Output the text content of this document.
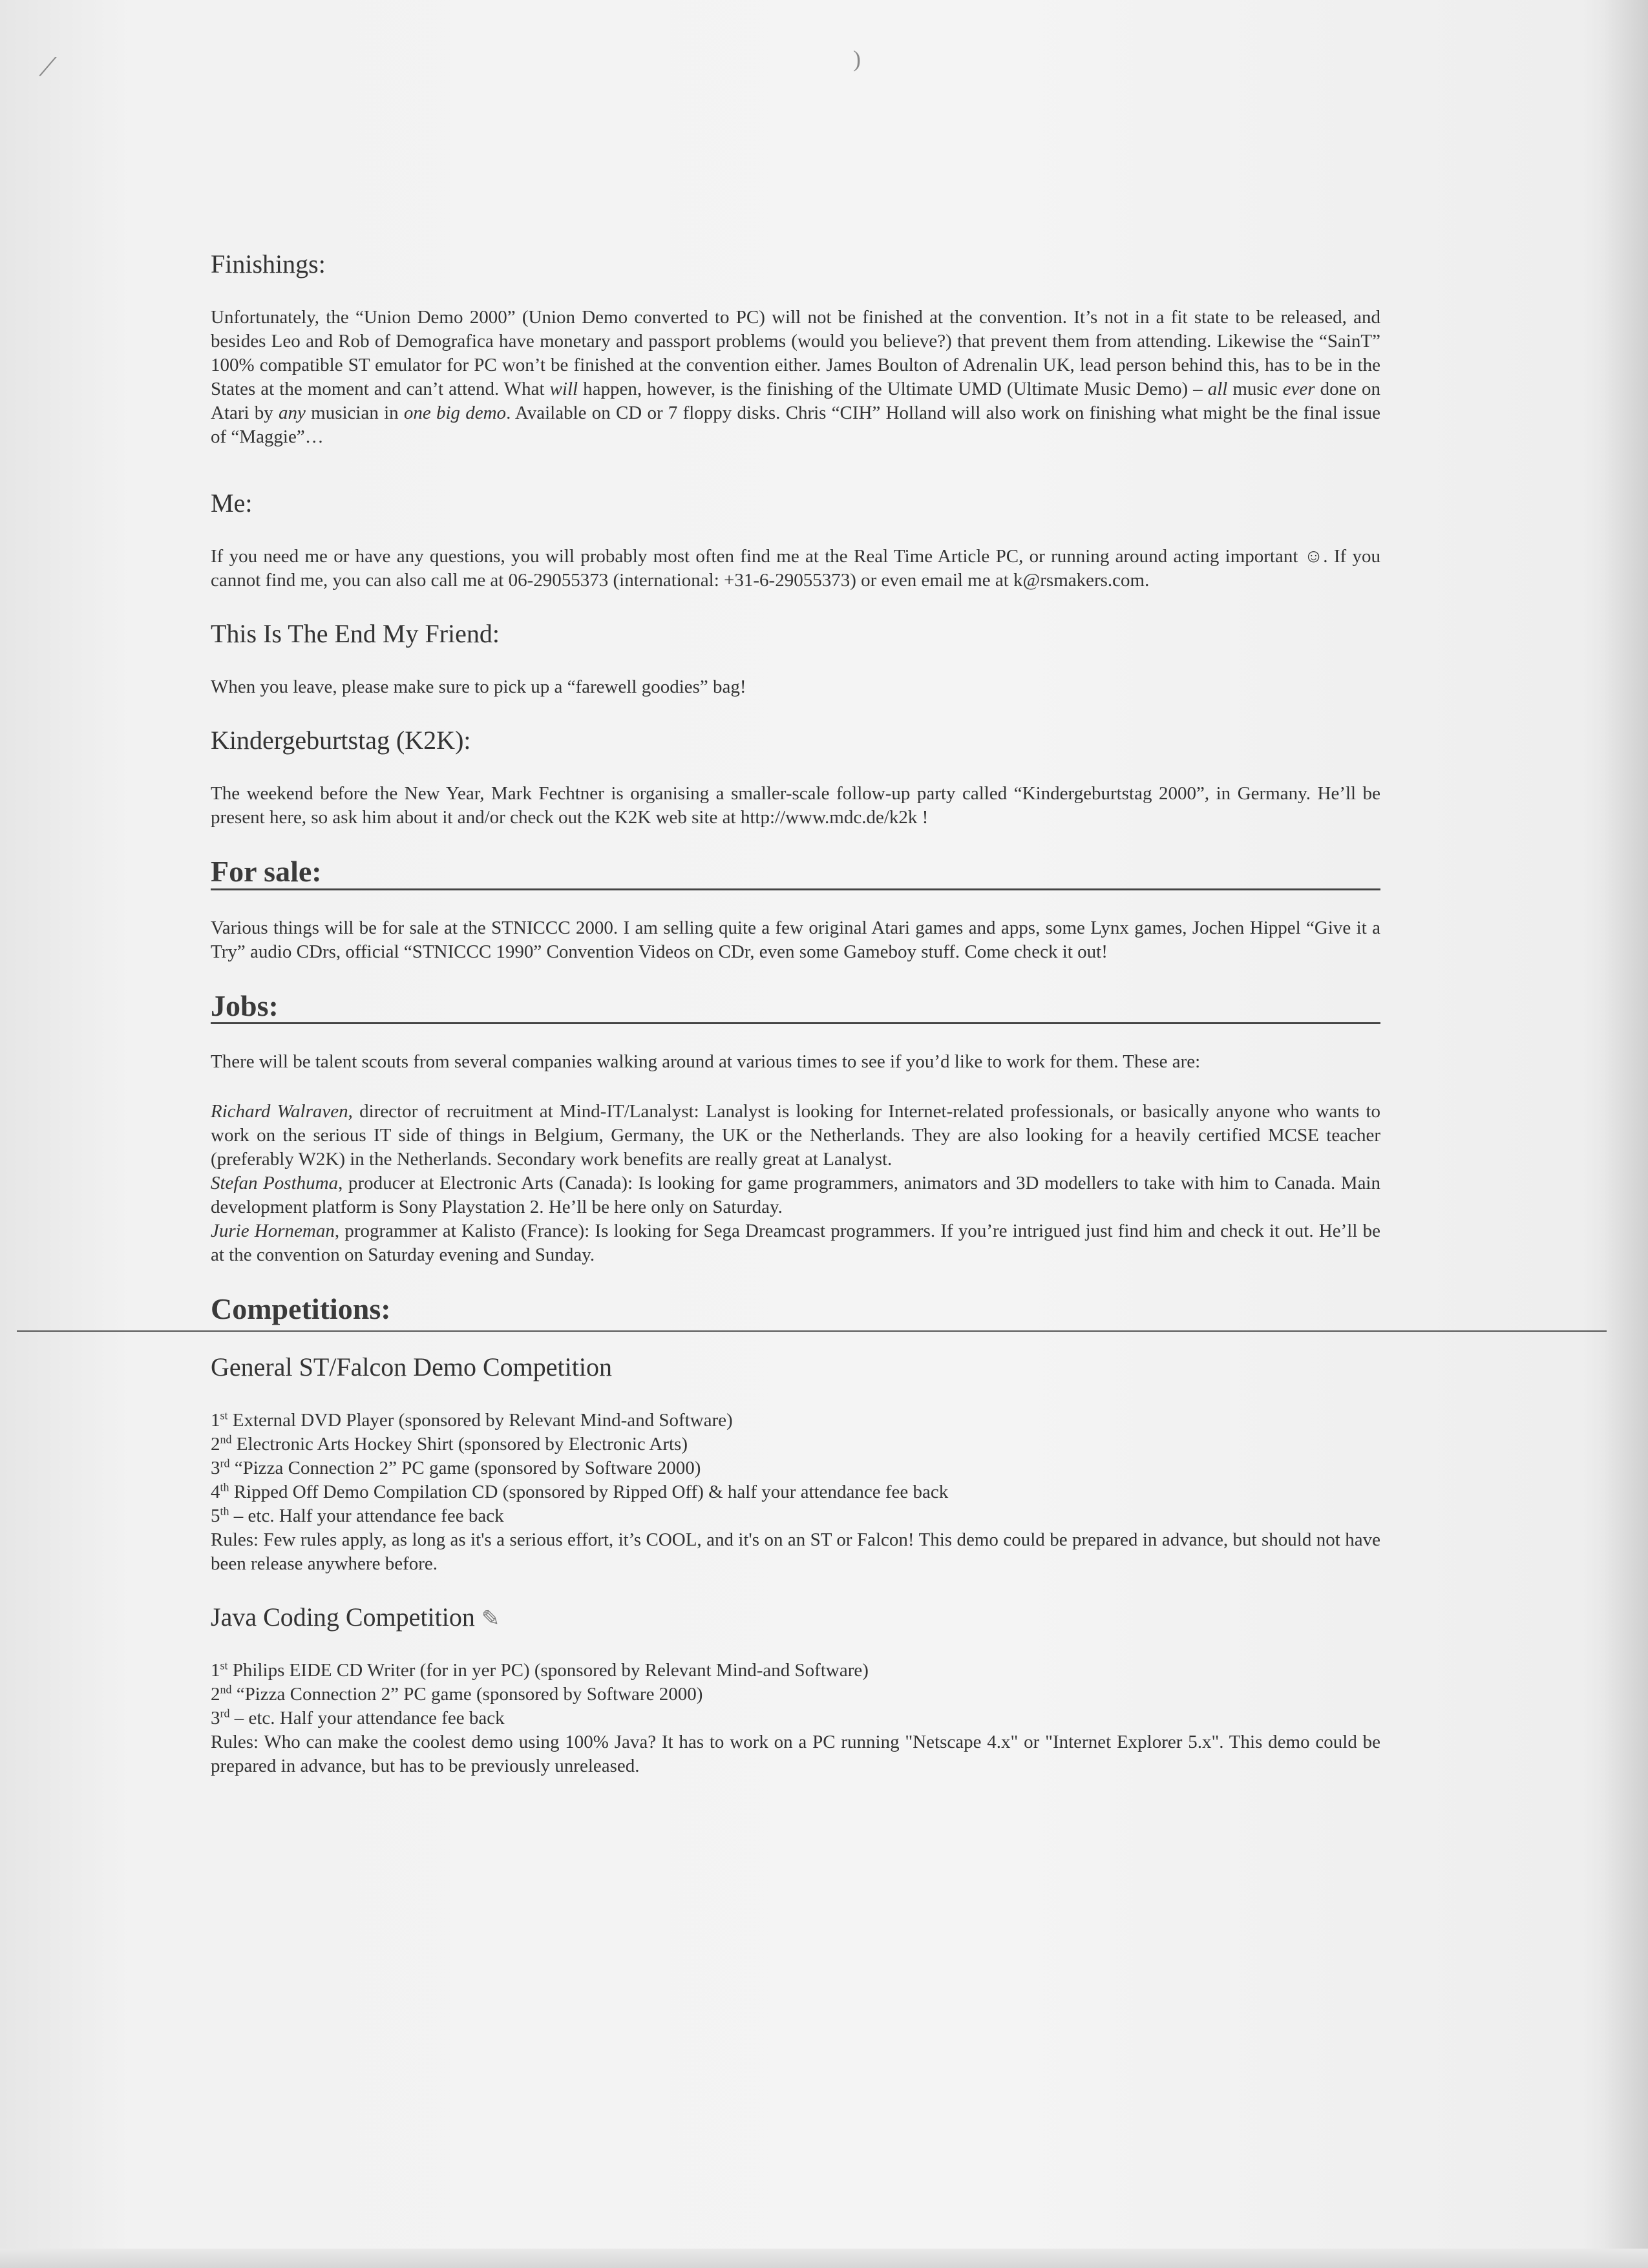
⟋	)
Finishings:

Unfortunately, the “Union Demo 2000” (Union Demo converted to PC) will not be finished at the convention. It’s not in a fit state to be released, and besides Leo and Rob of Demografica have monetary and passport problems (would you believe?) that prevent them from attending. Likewise the “SainT” 100% compatible ST emulator for PC won’t be finished at the convention either. James Boulton of Adrenalin UK, lead person behind this, has to be in the States at the moment and can’t attend. What will happen, however, is the finishing of the Ultimate UMD (Ultimate Music Demo) – all music ever done on Atari by any musician in one big demo. Available on CD or 7 floppy disks. Chris “CIH” Holland will also work on finishing what might be the final issue of “Maggie”…

Me:

If you need me or have any questions, you will probably most often find me at the Real Time Article PC, or running around acting important ☺. If you cannot find me, you can also call me at 06-29055373 (international: +31-6-29055373) or even email me at k@rsmakers.com.

This Is The End My Friend:

When you leave, please make sure to pick up a “farewell goodies” bag!

Kindergeburtstag (K2K):

The weekend before the New Year, Mark Fechtner is organising a smaller-scale follow-up party called “Kindergeburtstag 2000”, in Germany. He’ll be present here, so ask him about it and/or check out the K2K web site at http://www.mdc.de/k2k !

For sale:

Various things will be for sale at the STNICCC 2000. I am selling quite a few original Atari games and apps, some Lynx games, Jochen Hippel “Give it a Try” audio CDrs, official “STNICCC 1990” Convention Videos on CDr, even some Gameboy stuff. Come check it out!

Jobs:

There will be talent scouts from several companies walking around at various times to see if you’d like to work for them. These are:

Richard Walraven, director of recruitment at Mind-IT/Lanalyst: Lanalyst is looking for Internet-related professionals, or basically anyone who wants to work on the serious IT side of things in Belgium, Germany, the UK or the Netherlands. They are also looking for a heavily certified MCSE teacher (preferably W2K) in the Netherlands. Secondary work benefits are really great at Lanalyst.

Stefan Posthuma, producer at Electronic Arts (Canada): Is looking for game programmers, animators and 3D modellers to take with him to Canada. Main development platform is Sony Playstation 2. He’ll be here only on Saturday.

Jurie Horneman, programmer at Kalisto (France): Is looking for Sega Dreamcast programmers. If you’re intrigued just find him and check it out. He’ll be at the convention on Saturday evening and Sunday.

Competitions:
General ST/Falcon Demo Competition

1st External DVD Player (sponsored by Relevant Mind-and Software)

2nd Electronic Arts Hockey Shirt (sponsored by Electronic Arts)

3rd “Pizza Connection 2” PC game (sponsored by Software 2000)

4th Ripped Off Demo Compilation CD (sponsored by Ripped Off) & half your attendance fee back

5th – etc. Half your attendance fee back

Rules: Few rules apply, as long as it's a serious effort, it’s COOL, and it's on an ST or Falcon! This demo could be prepared in advance, but should not have been release anywhere before.

Java Coding Competition ✎

1st Philips EIDE CD Writer (for in yer PC) (sponsored by Relevant Mind-and Software)

2nd “Pizza Connection 2” PC game (sponsored by Software 2000)

3rd – etc. Half your attendance fee back

Rules: Who can make the coolest demo using 100% Java? It has to work on a PC running "Netscape 4.x" or "Internet Explorer 5.x". This demo could be prepared in advance, but has to be previously unreleased.
